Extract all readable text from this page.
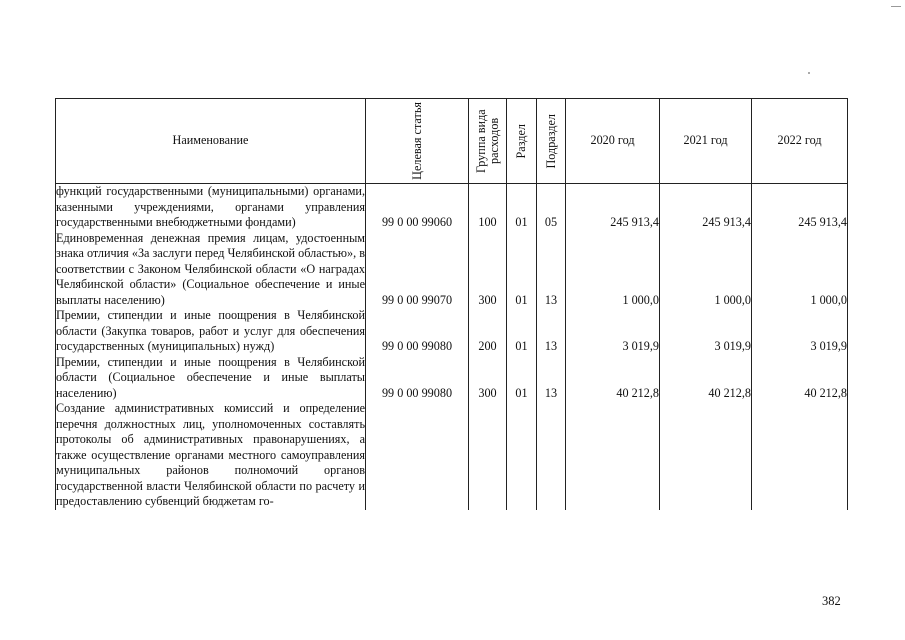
Наименование	Целевая статья	Группа вида расходов	Раздел	Подраздел	2020 год	2021 год	2022 год
функций государственными (муниципальными) органами, казенными учреждениями, органами управления государственными внебюджетными фондами)	99 0 00 99060	100	01	05	245 913,4	245 913,4	245 913,4
Единовременная денежная премия лицам, удостоенным знака отличия «За заслуги перед Челябинской областью», в соответствии с Законом Челябинской области «О наградах Челябинской области» (Социальное обеспечение и иные выплаты населению)	99 0 00 99070	300	01	13	1 000,0	1 000,0	1 000,0
Премии, стипендии и иные поощрения в Челябинской области (Закупка товаров, работ и услуг для обеспечения государственных (муниципальных) нужд)	99 0 00 99080	200	01	13	3 019,9	3 019,9	3 019,9
Премии, стипендии и иные поощрения в Челябинской области (Социальное обеспечение и иные выплаты населению)	99 0 00 99080	300	01	13	40 212,8	40 212,8	40 212,8
Создание административных комиссий и определение перечня должностных лиц, уполномоченных составлять протоколы об административных правонарушениях, а также осуществление органами местного самоуправления муниципальных районов полномочий органов государственной власти Челябинской области по расчету и предоставлению субвенций бюджетам го-							
382
